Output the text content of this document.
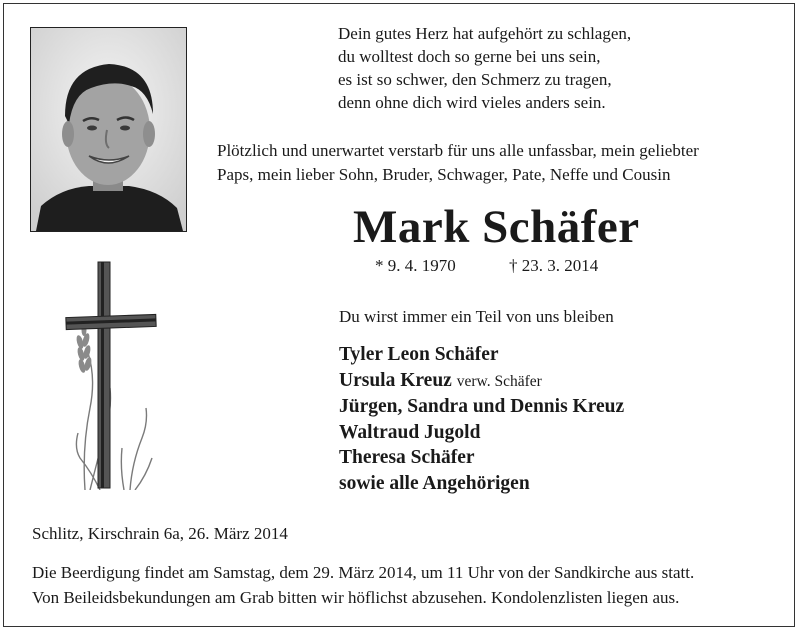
Dein gutes Herz hat aufgehört zu schlagen,
du wolltest doch so gerne bei uns sein,
es ist so schwer, den Schmerz zu tragen,
denn ohne dich wird vieles anders sein.
Plötzlich und unerwartet verstarb für uns alle unfassbar, mein geliebter
Paps, mein lieber Sohn, Bruder, Schwager, Pate, Neffe und Cousin
Mark Schäfer
* 9. 4. 1970	† 23. 3. 2014
Du wirst immer ein Teil von uns bleiben
Tyler Leon Schäfer
Ursula Kreuz verw. Schäfer
Jürgen, Sandra und Dennis Kreuz
Waltraud Jugold
Theresa Schäfer
sowie alle Angehörigen
Schlitz, Kirschrain 6a, 26. März 2014
Die Beerdigung findet am Samstag, dem 29. März 2014, um 11 Uhr von der Sandkirche aus statt.
Von Beileidsbekundungen am Grab bitten wir höflichst abzusehen. Kondolenzlisten liegen aus.
